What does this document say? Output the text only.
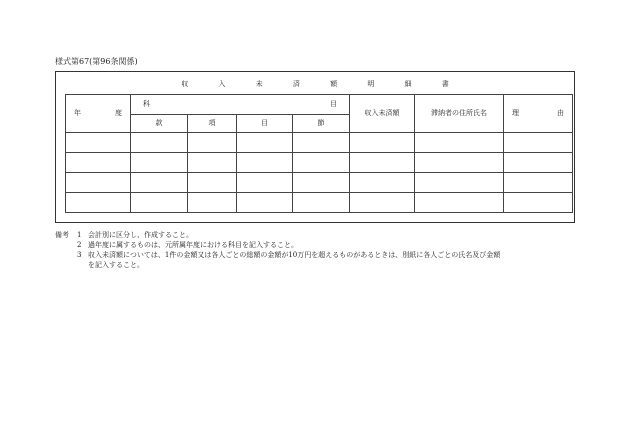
様式第67(第96条関係)
収 入 未 済 額 明 細 書
年 度	科 目				収入未済額	滞納者の住所氏名	理 由

	款	項	目	節			

備考	1 会計別に区分し、作成すること。
2 過年度に属するものは、元所属年度における科目を記入すること。
3 収入未済額については、1件の金額又は各人ごとの総額の金額が10万円を超えるものがあるときは、別紙に各人ごとの氏名及び金額
を記入すること。
